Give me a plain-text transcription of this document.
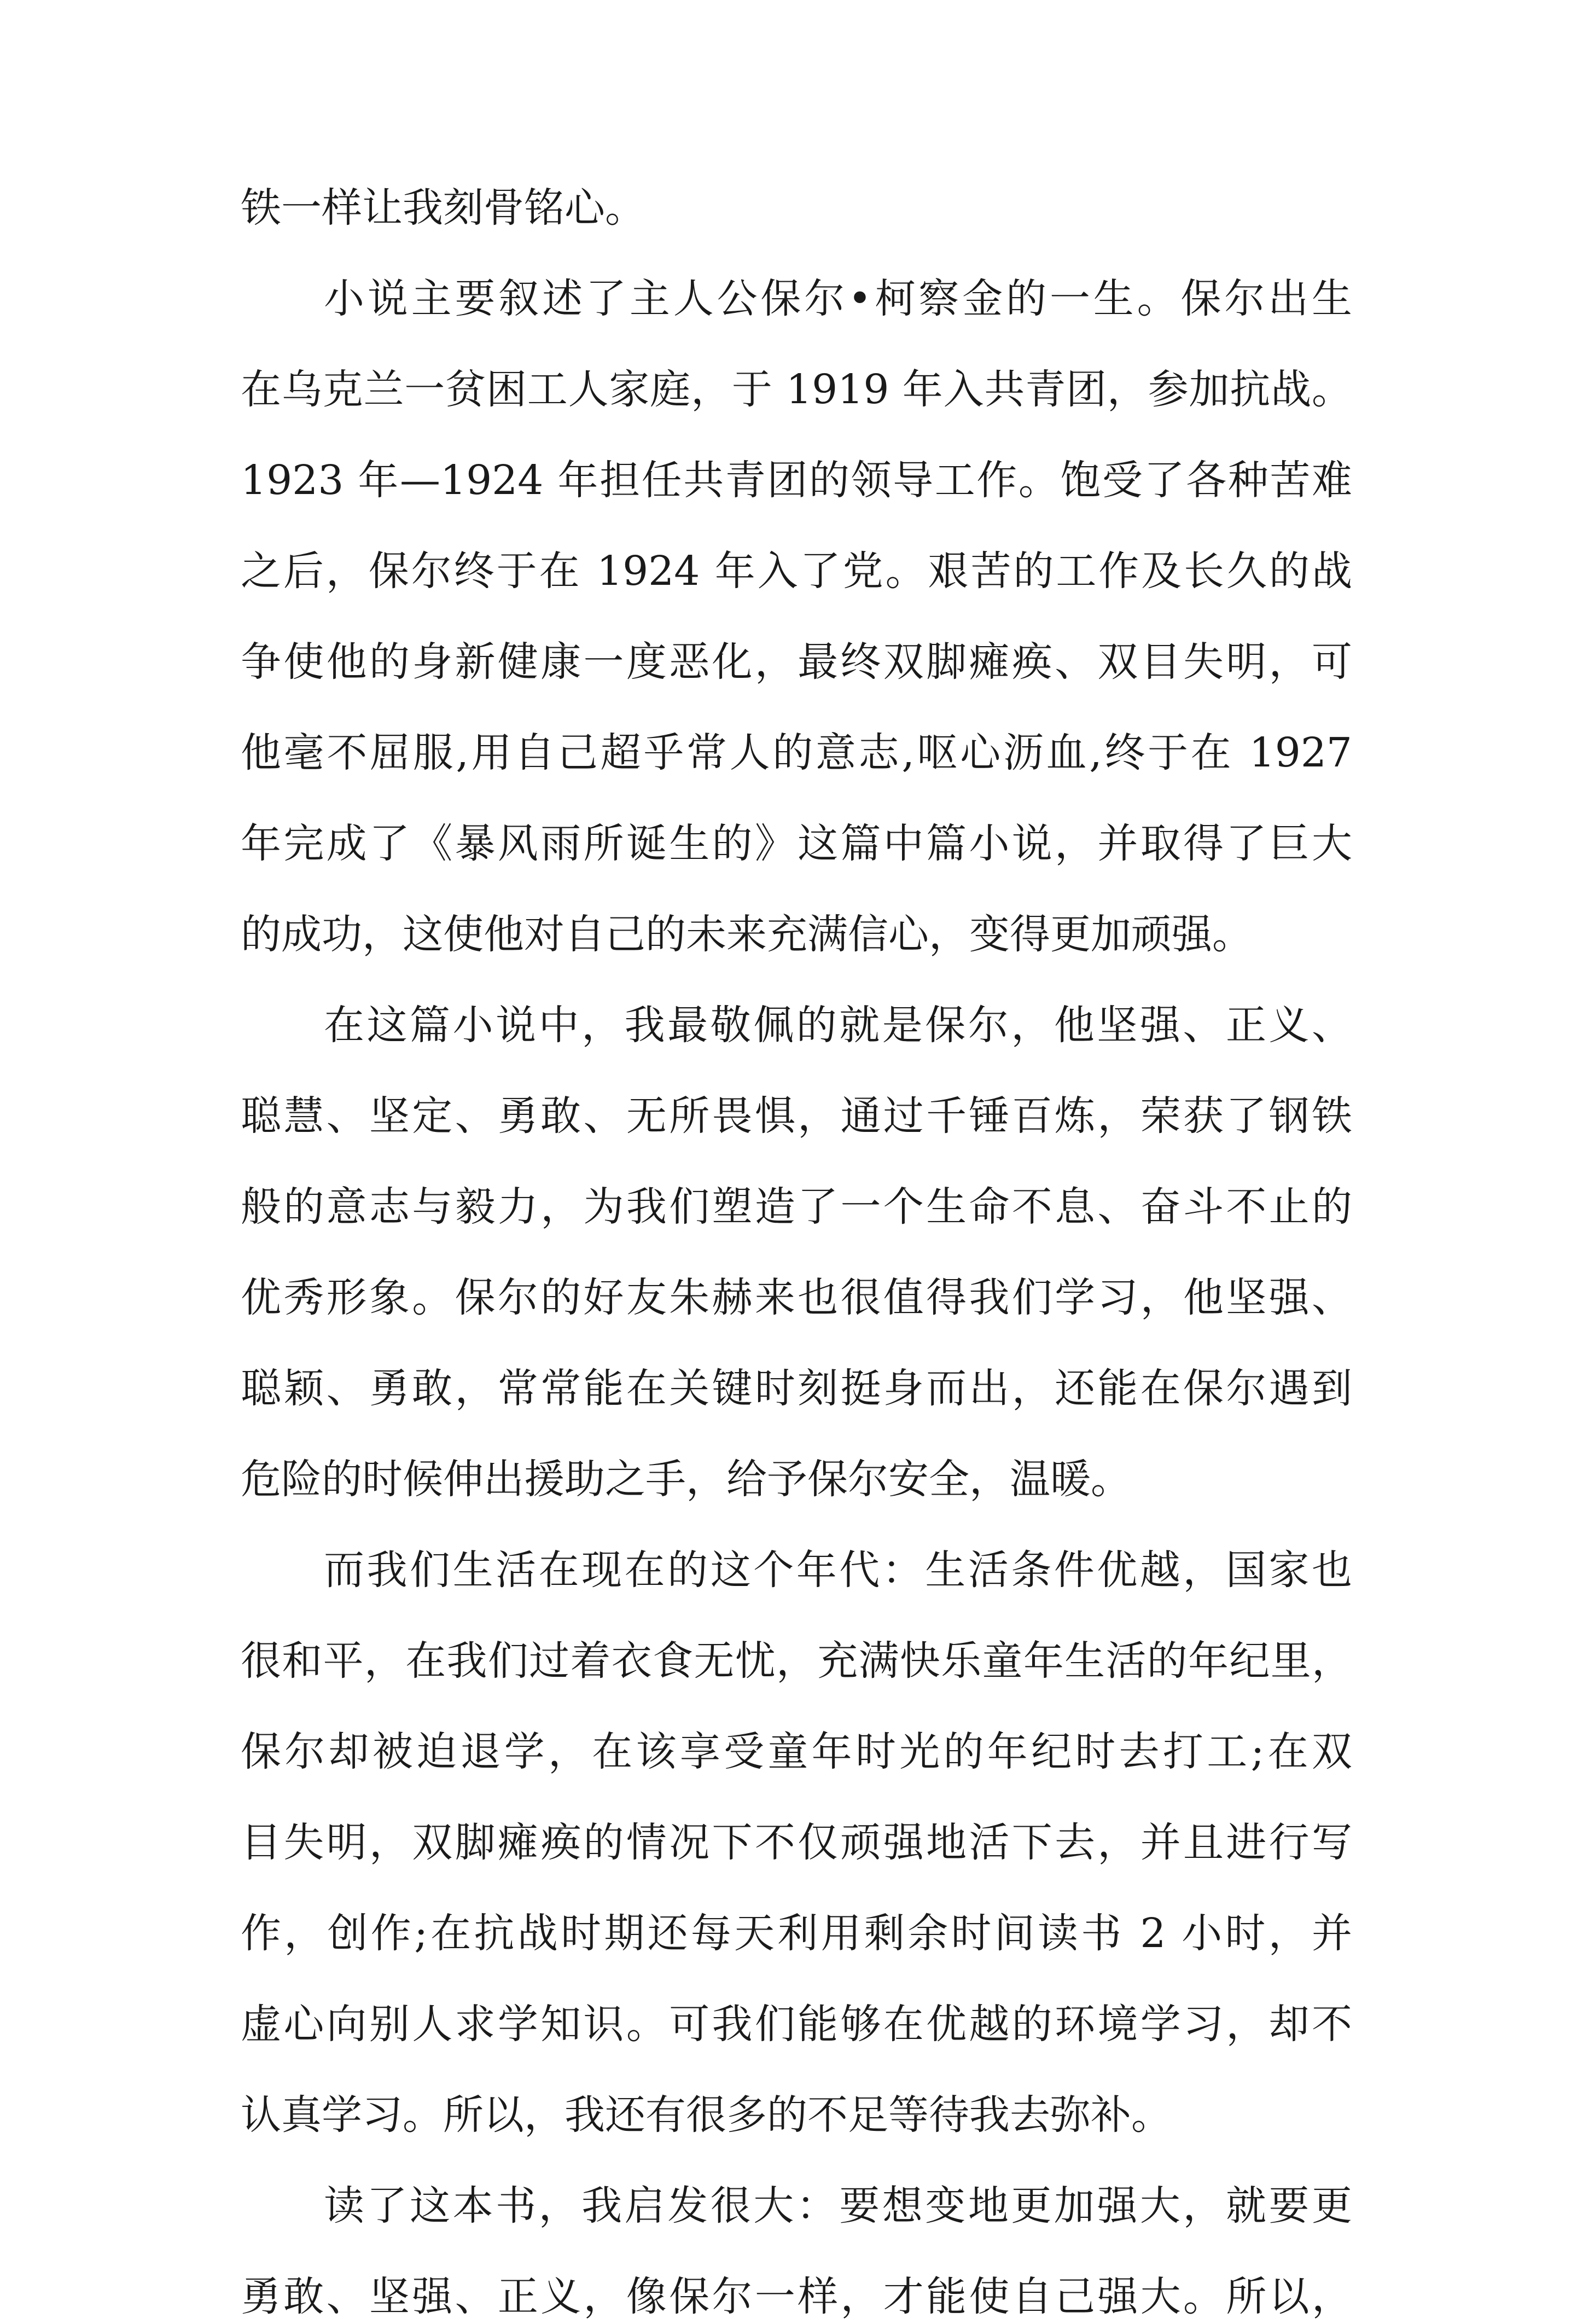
铁一样让我刻骨铭心。
小说主要叙述了主人公保尔•柯察金的一生。保尔出生
在乌克兰一贫困工人家庭，于 1919 年入共青团，参加抗战。
1923 年—1924 年担任共青团的领导工作。饱受了各种苦难
之后，保尔终于在 1924 年入了党。艰苦的工作及长久的战
争使他的身新健康一度恶化，最终双脚瘫痪、双目失明，可
他毫不屈服,用自己超乎常人的意志,呕心沥血,终于在 1927
年完成了《暴风雨所诞生的》这篇中篇小说，并取得了巨大
的成功，这使他对自己的未来充满信心，变得更加顽强。
在这篇小说中，我最敬佩的就是保尔，他坚强、正义、
聪慧、坚定、勇敢、无所畏惧，通过千锤百炼，荣获了钢铁
般的意志与毅力，为我们塑造了一个生命不息、奋斗不止的
优秀形象。保尔的好友朱赫来也很值得我们学习，他坚强、
聪颖、勇敢，常常能在关键时刻挺身而出，还能在保尔遇到
危险的时候伸出援助之手，给予保尔安全，温暖。
而我们生活在现在的这个年代：生活条件优越，国家也
很和平，在我们过着衣食无忧，充满快乐童年生活的年纪里，
保尔却被迫退学，在该享受童年时光的年纪时去打工;在双
目失明，双脚瘫痪的情况下不仅顽强地活下去，并且进行写
作，创作;在抗战时期还每天利用剩余时间读书 2 小时，并
虚心向别人求学知识。可我们能够在优越的环境学习，却不
认真学习。所以，我还有很多的不足等待我去弥补。
读了这本书，我启发很大：要想变地更加强大，就要更
勇敢、坚强、正义，像保尔一样，才能使自己强大。所以，
